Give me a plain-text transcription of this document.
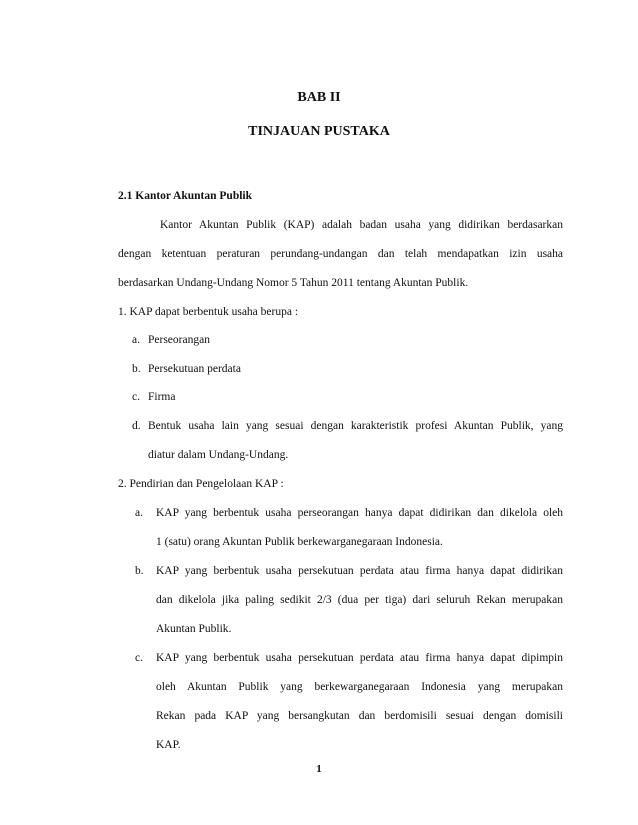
BAB II
TINJAUAN PUSTAKA
2.1 Kantor Akuntan Publik
Kantor Akuntan Publik (KAP) adalah badan usaha yang didirikan berdasarkan
dengan ketentuan peraturan perundang-undangan dan telah mendapatkan izin usaha
berdasarkan Undang-Undang Nomor 5 Tahun 2011 tentang Akuntan Publik.
1. KAP dapat berbentuk usaha berupa :
a. Perseorangan
b. Persekutuan perdata
c. Firma
d. Bentuk usaha lain yang sesuai dengan karakteristik profesi Akuntan Publik, yang
diatur dalam Undang-Undang.
2. Pendirian dan Pengelolaan KAP :
a. KAP yang berbentuk usaha perseorangan hanya dapat didirikan dan dikelola oleh
1 (satu) orang Akuntan Publik berkewarganegaraan Indonesia.
b. KAP yang berbentuk usaha persekutuan perdata atau firma hanya dapat didirikan
dan dikelola jika paling sedikit 2/3 (dua per tiga) dari seluruh Rekan merupakan
Akuntan Publik.
c. KAP yang berbentuk usaha persekutuan perdata atau firma hanya dapat dipimpin
oleh Akuntan Publik yang berkewarganegaraan Indonesia yang merupakan
Rekan pada KAP yang bersangkutan dan berdomisili sesuai dengan domisili
KAP.
1
